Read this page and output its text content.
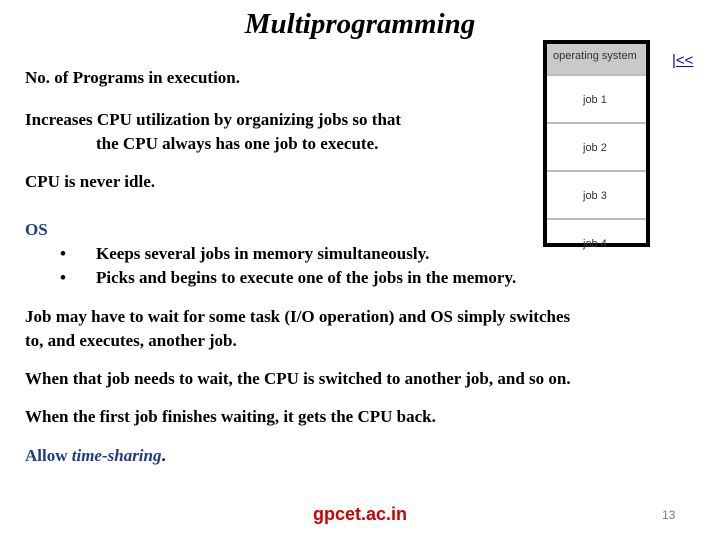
Multiprogramming
|<<
operating system
job 1
job 2
job 3
job 4
No. of Programs in execution.
Increases CPU utilization by organizing jobs so that
the CPU always has one job to execute.
CPU is never idle.
OS
•	Keeps several jobs in memory simultaneously.
•	Picks and begins to execute one of the jobs in the memory.
Job may have to wait for some task (I/O operation) and OS simply switches
to, and executes, another job.
When that job needs to wait, the CPU is switched to another job, and so on.
When the first job finishes waiting, it gets the CPU back.
Allow time-sharing.
gpcet.ac.in	13
